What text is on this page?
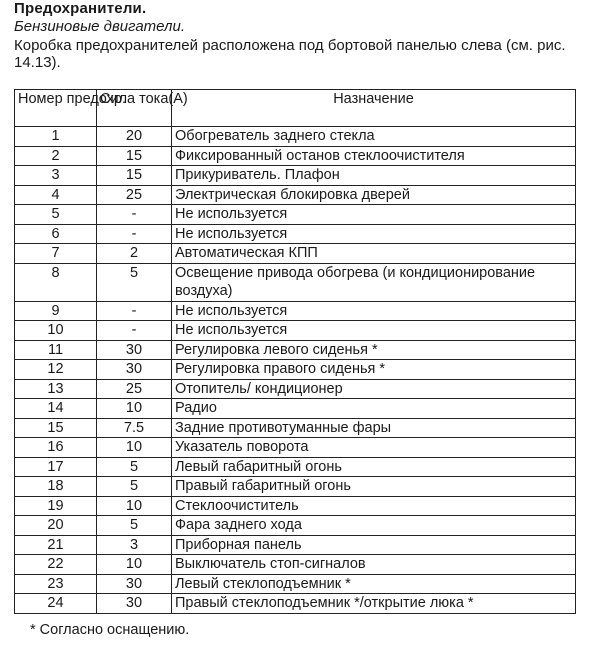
Предохранители.
Бензиновые двигатели.
Коробка предохранителей расположена под бортовой панелью слева (см. рис. 14.13).
Номер предохр.	Сила тока(А)	Назначение
1	20	Обогреватель заднего стекла
2	15	Фиксированный останов стеклоочистителя
3	15	Прикуриватель. Плафон
4	25	Электрическая блокировка дверей
5	-	Не используется
6	-	Не используется
7	2	Автоматическая КПП
8	5	Освещение привода обогрева (и кондиционирование воздуха)
9	-	Не используется
10	-	Не используется
11	30	Регулировка левого сиденья *
12	30	Регулировка правого сиденья *
13	25	Отопитель/ кондиционер
14	10	Радио
15	7.5	Задние противотуманные фары
16	10	Указатель поворота
17	5	Левый габаритный огонь
18	5	Правый габаритный огонь
19	10	Стеклоочиститель
20	5	Фара заднего хода
21	3	Приборная панель
22	10	Выключатель стоп-сигналов
23	30	Левый стеклоподъемник *
24	30	Правый стеклоподъемник */открытие люка *
* Согласно оснащению.
